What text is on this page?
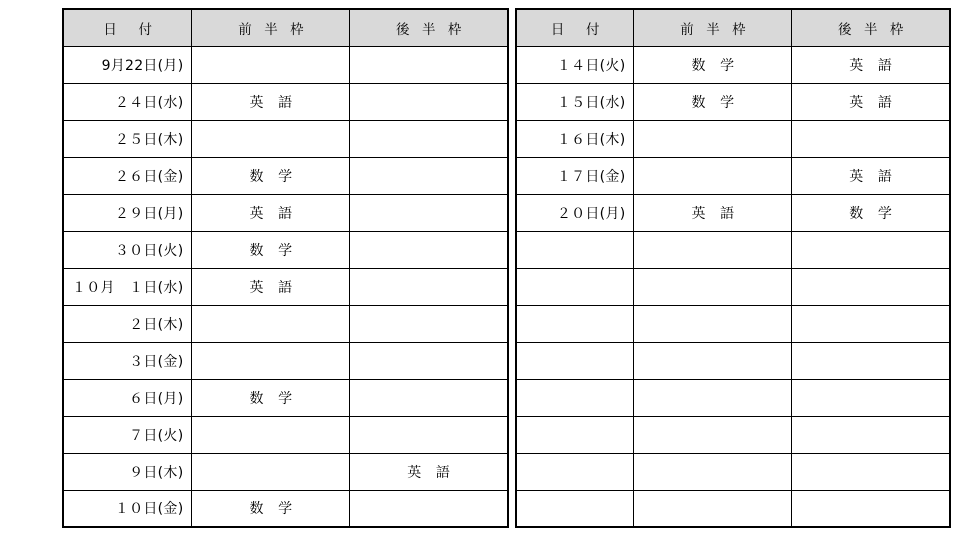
日　付	前 半 枠	後 半 枠
9月22日(月)		
２４日(水)	英　語	
２５日(木)		
２６日(金)	数　学	
２９日(月)	英　語	
３０日(火)	数　学	
１０月　１日(水)	英　語	
２日(木)		
３日(金)		
６日(月)	数　学	
７日(火)		
９日(木)		英　語
１０日(金)	数　学	
日　付	前 半 枠	後 半 枠
１４日(火)	数　学	英　語
１５日(水)	数　学	英　語
１６日(木)		
１７日(金)		英　語
２０日(月)	英　語	数　学
